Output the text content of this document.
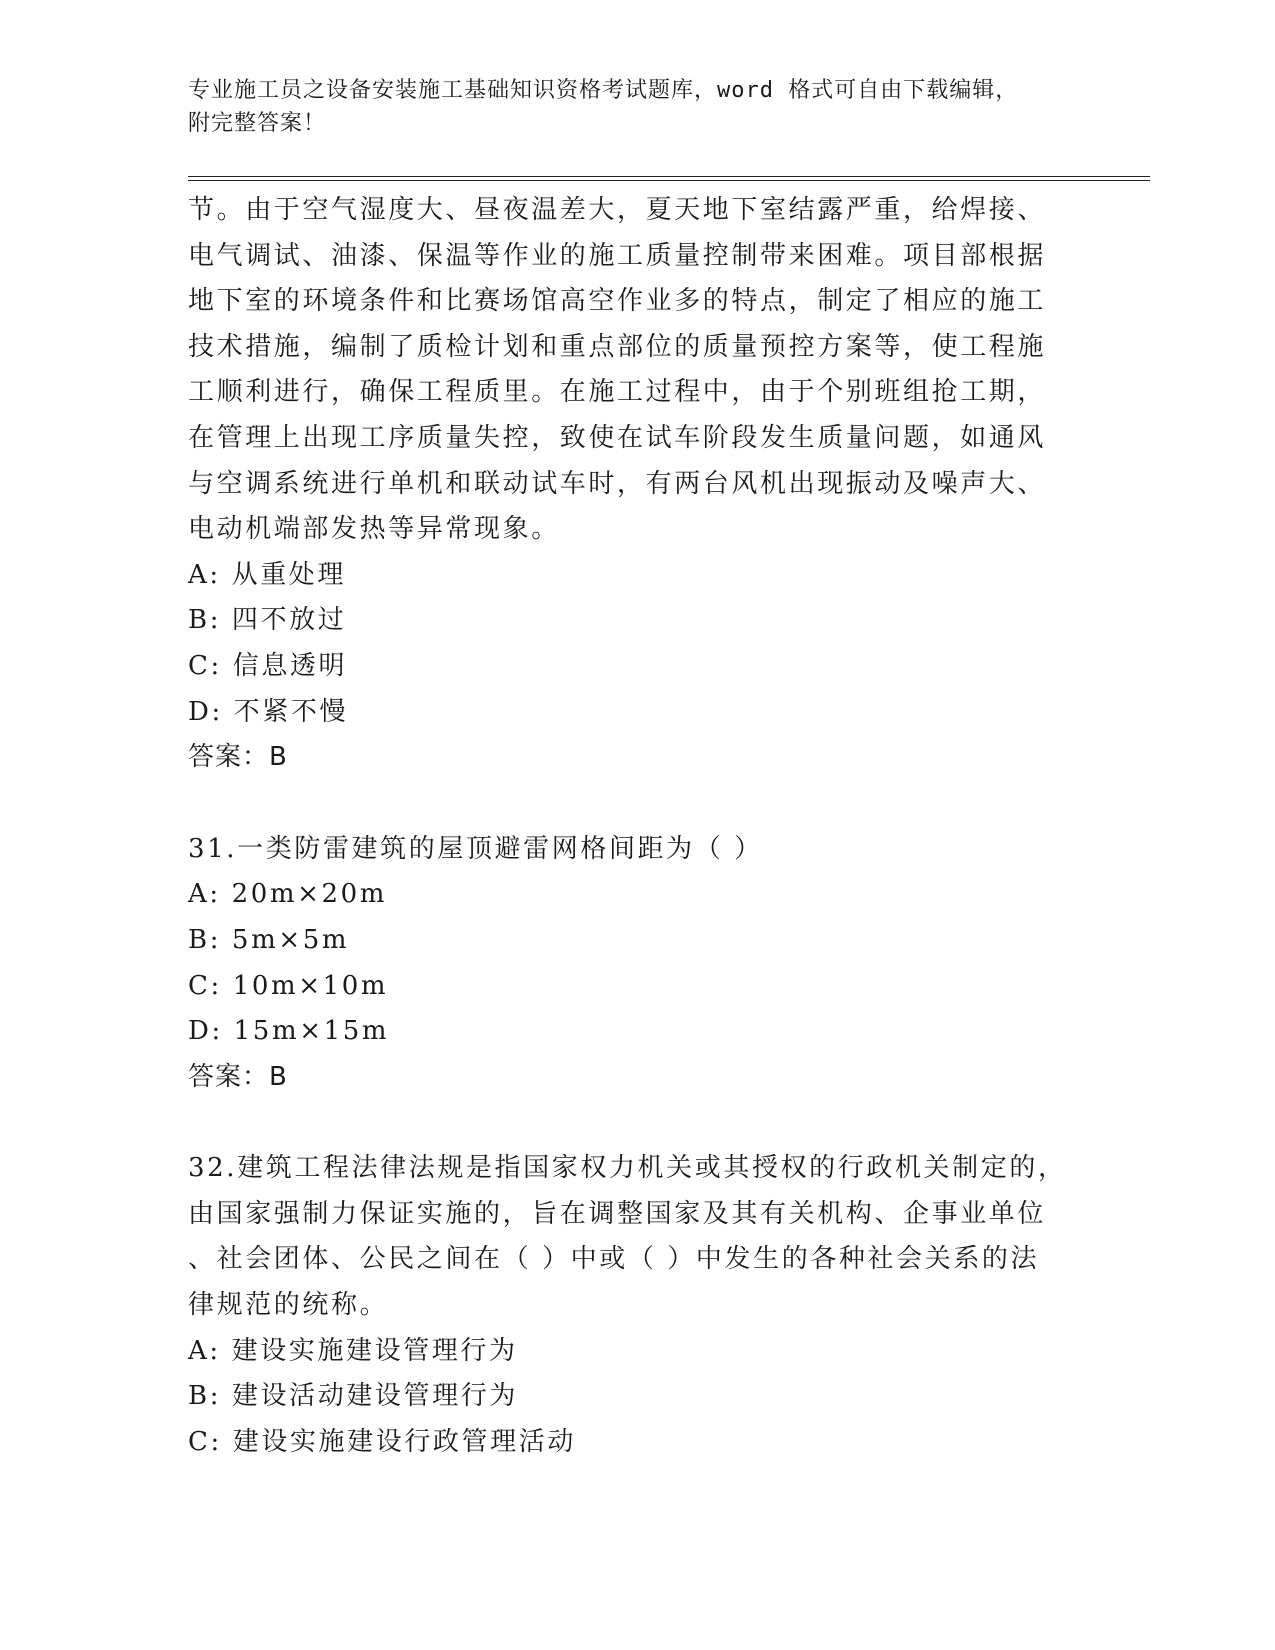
专业施工员之设备安装施工基础知识资格考试题库，word 格式可自由下载编辑，
附完整答案！

节。由于空气湿度大、昼夜温差大，夏天地下室结露严重，给焊接、

电气调试、油漆、保温等作业的施工质量控制带来困难。项目部根据

地下室的环境条件和比赛场馆高空作业多的特点，制定了相应的施工

技术措施，编制了质检计划和重点部位的质量预控方案等，使工程施

工顺利进行，确保工程质里。在施工过程中，由于个别班组抢工期，

在管理上出现工序质量失控，致使在试车阶段发生质量问题，如通风

与空调系统进行单机和联动试车时，有两台风机出现振动及噪声大、

电动机端部发热等异常现象。

A: 从重处理

B: 四不放过

C: 信息透明

D: 不紧不慢

答案：B

31.一类防雷建筑的屋顶避雷网格间距为（ ）

A: 20m×20m

B: 5m×5m

C: 10m×10m

D: 15m×15m

答案：B

32.建筑工程法律法规是指国家权力机关或其授权的行政机关制定的，

由国家强制力保证实施的，旨在调整国家及其有关机构、企事业单位

、社会团体、公民之间在（ ）中或（ ）中发生的各种社会关系的法

律规范的统称。

A: 建设实施建设管理行为

B: 建设活动建设管理行为

C: 建设实施建设行政管理活动
